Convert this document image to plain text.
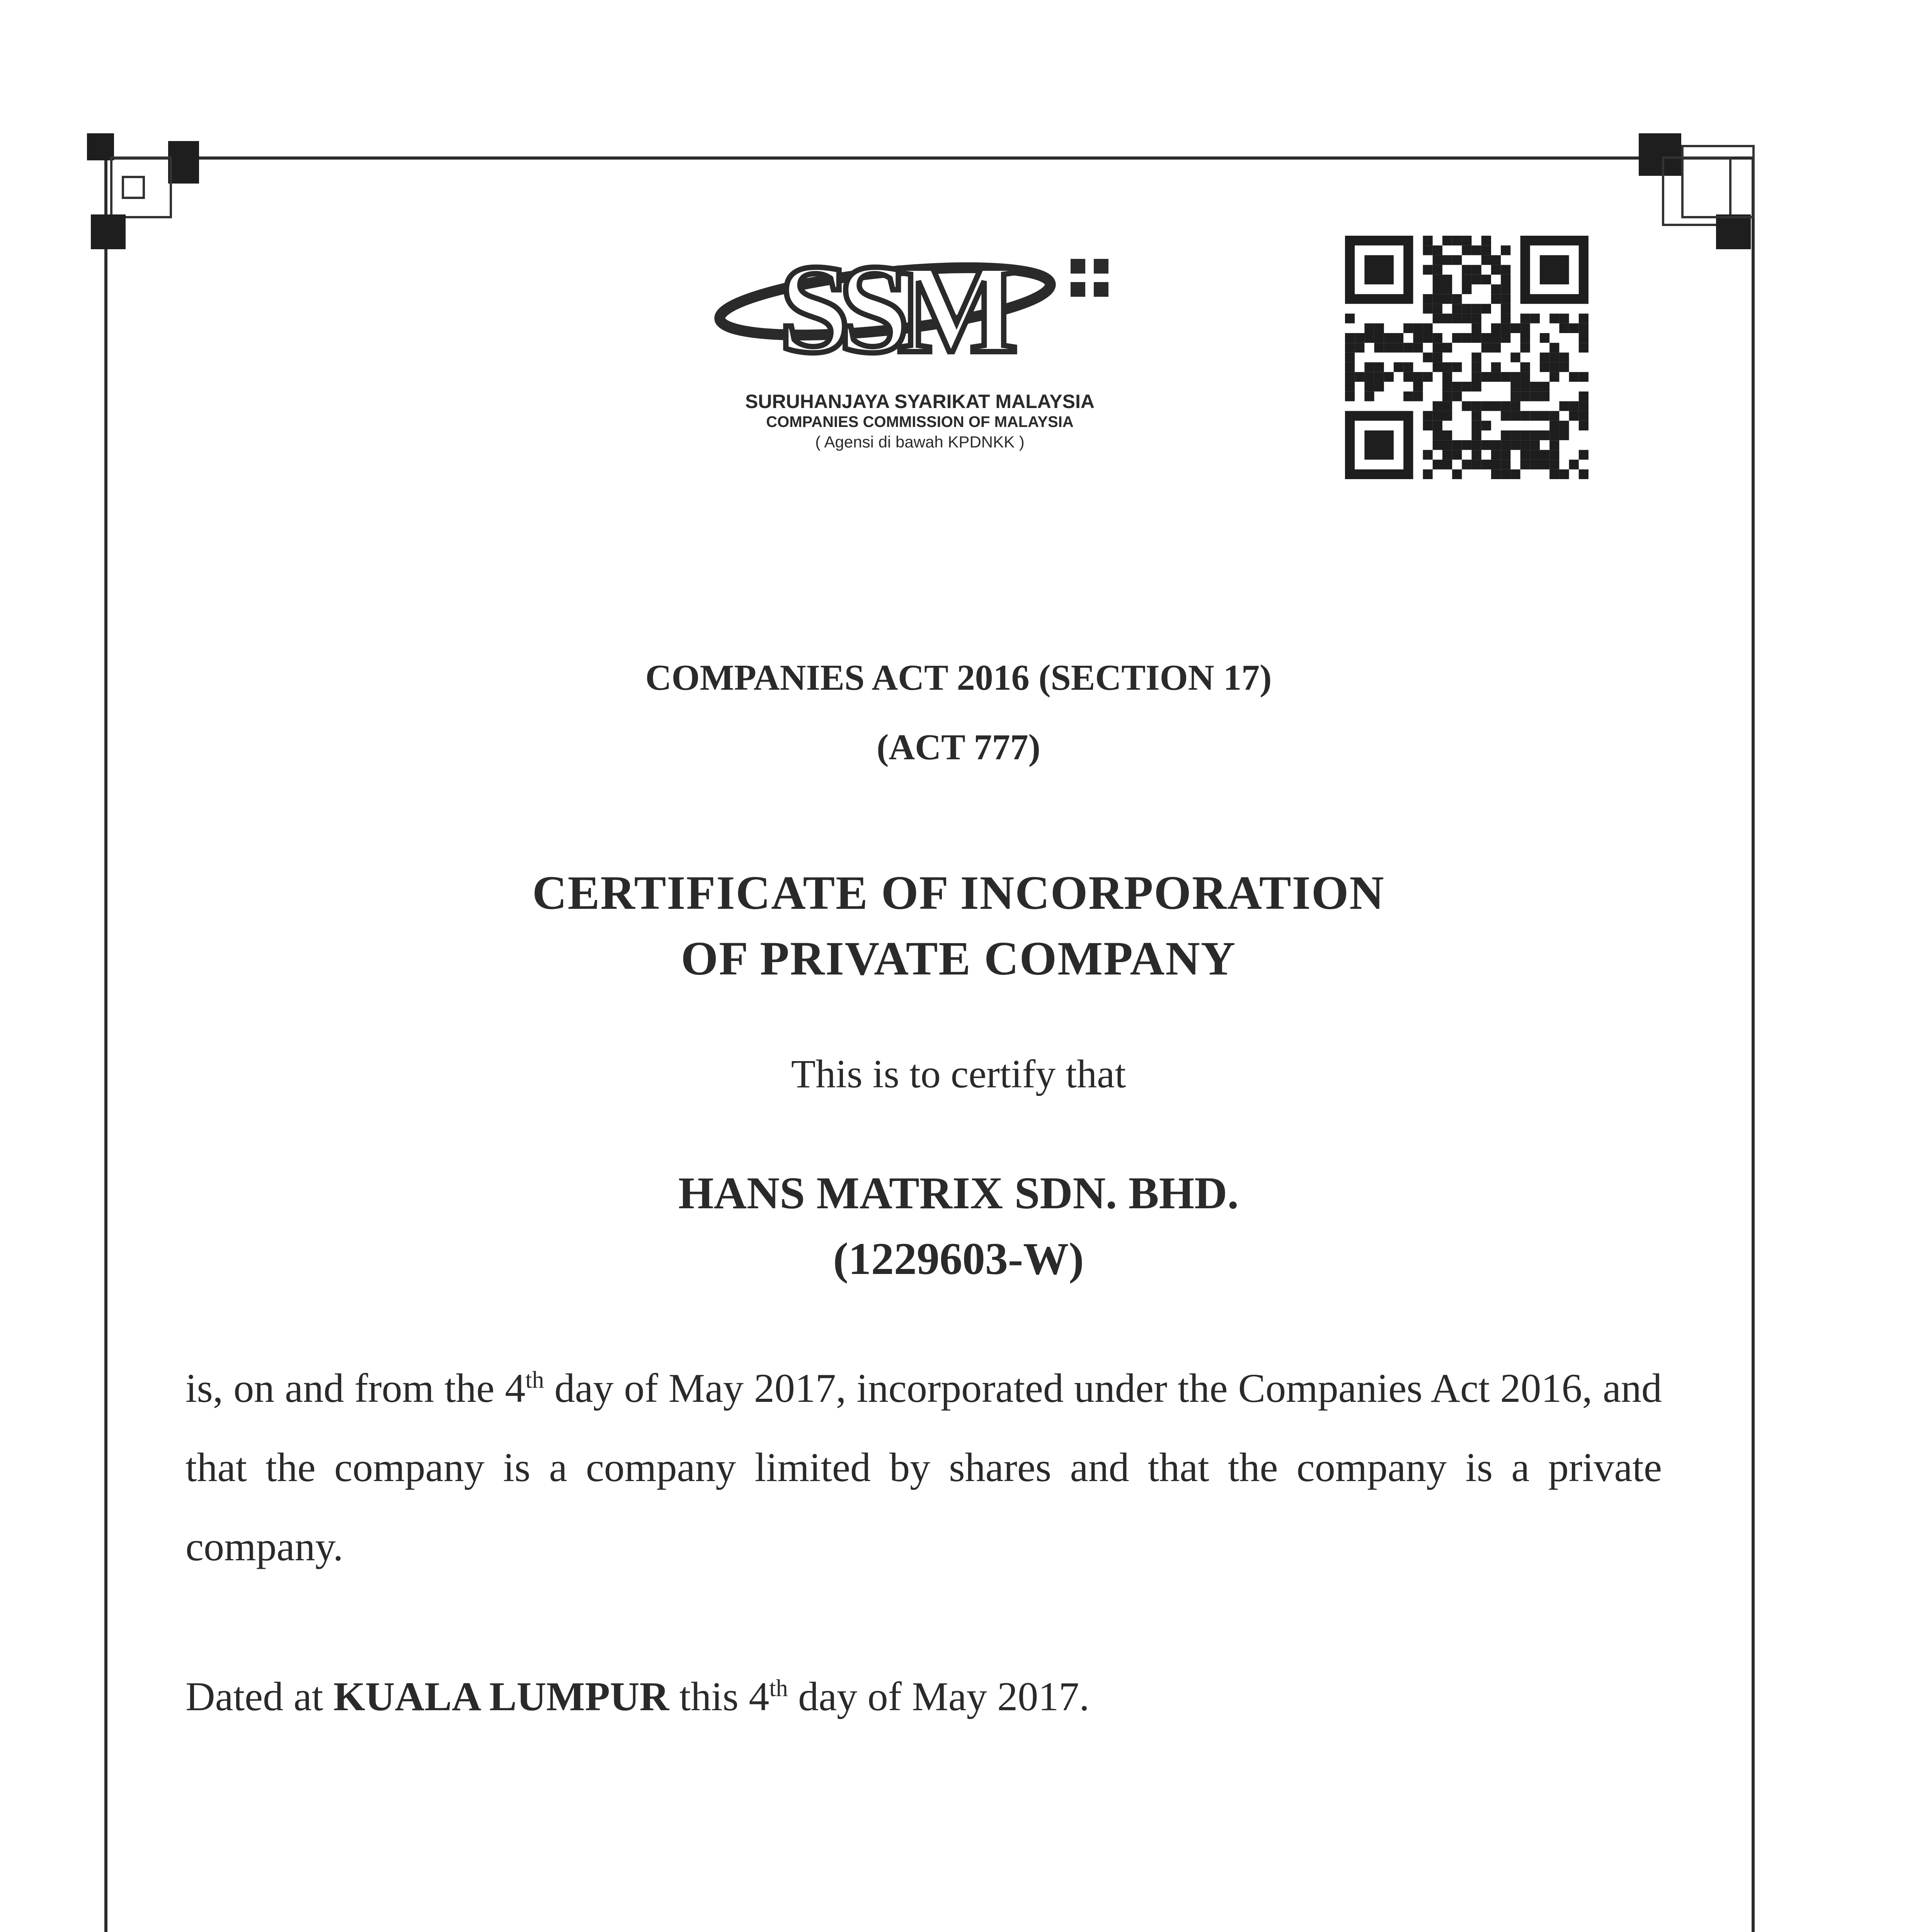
SSM
SURUHANJAYA SYARIKAT MALAYSIA
COMPANIES COMMISSION OF MALAYSIA
( Agensi di bawah KPDNKK )
COMPANIES ACT 2016 (SECTION 17)
(ACT 777)
CERTIFICATE OF INCORPORATION
OF PRIVATE COMPANY
This is to certify that
HANS MATRIX SDN. BHD.
(1229603-W)
is, on and from the 4th day of May 2017, incorporated under the Companies Act 2016, and that the company is a company limited by shares and that the company is a private company.
Dated at KUALA LUMPUR this 4th day of May 2017.
